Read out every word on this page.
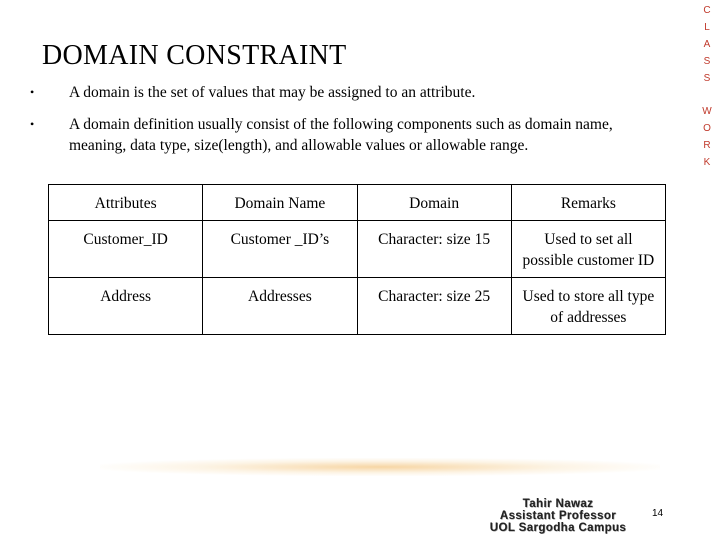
DOMAIN CONSTRAINT
• A domain is the set of values that may be assigned to an attribute.
• A domain definition usually consist of the following components such as domain name, meaning, data type, size(length), and allowable values or allowable range.
Attributes	Domain Name	Domain	Remarks
Customer_ID	Customer _ID’s	Character: size 15	Used to set all possible customer ID
Address	Addresses	Character: size 25	Used to store all type of addresses
C
L
A
S
S
W
O
R
K
Tahir Nawaz
Assistant Professor
UOL Sargodha Campus
14
